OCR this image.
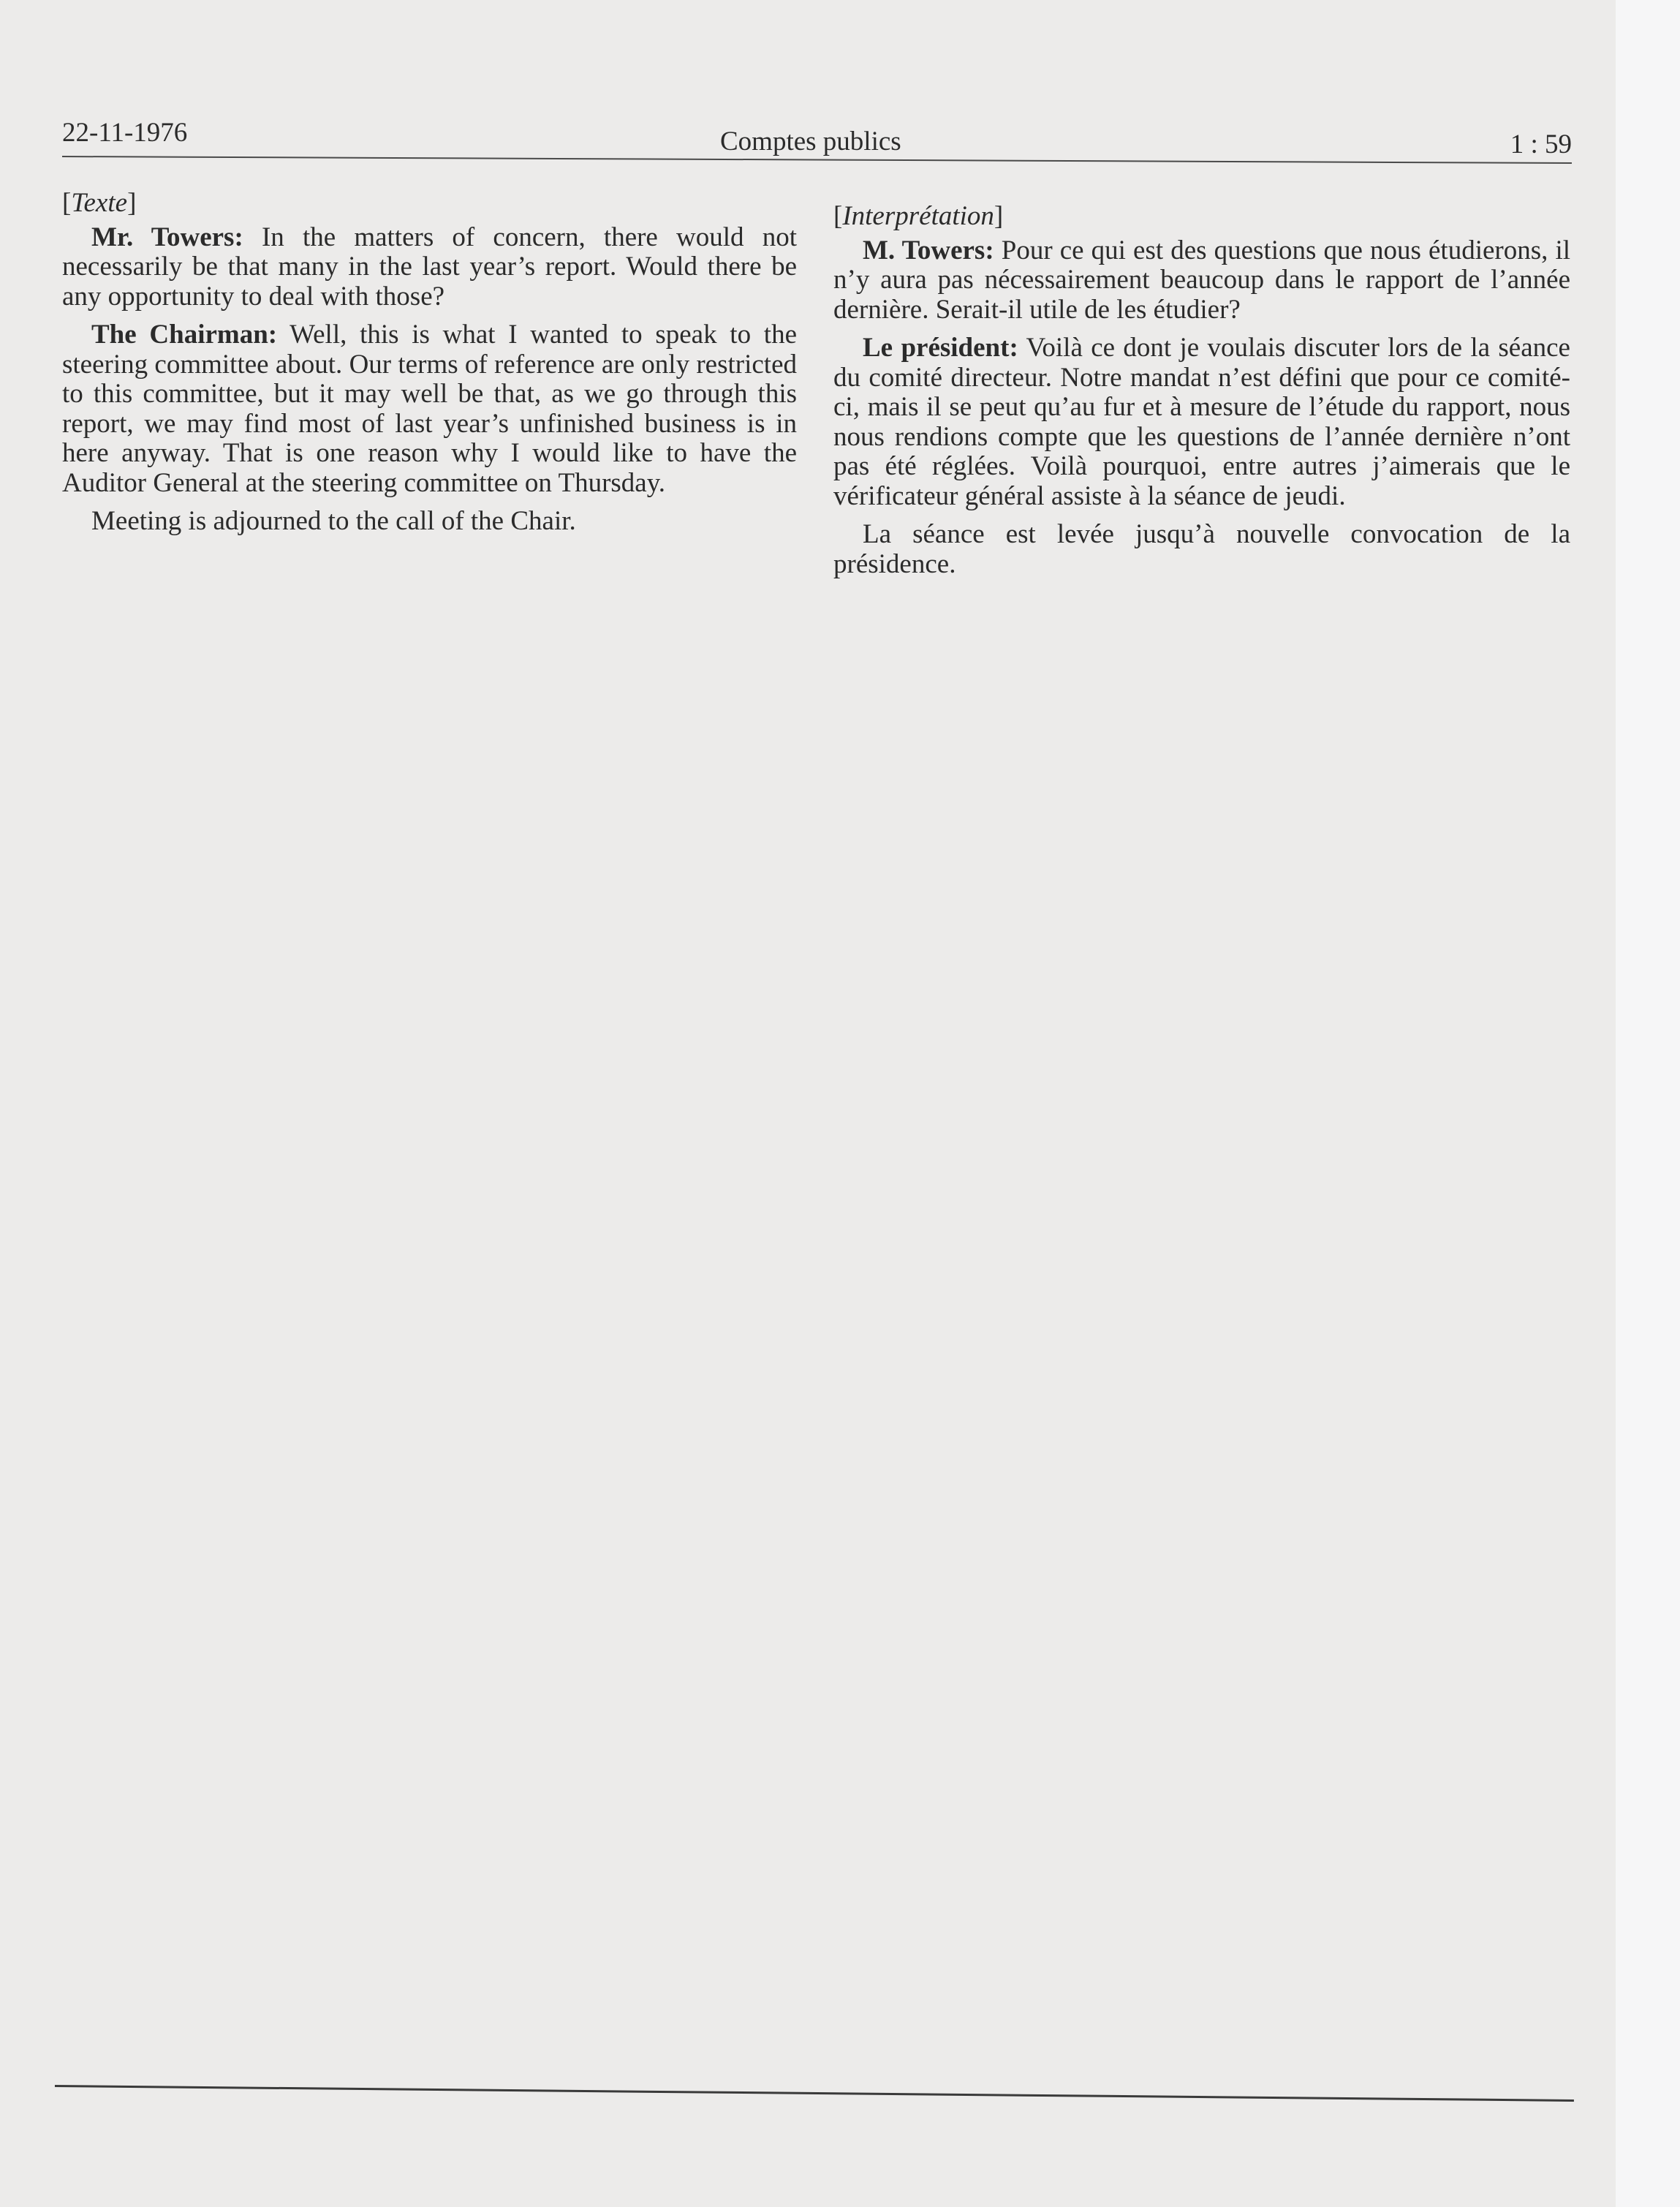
22-11-1976	Comptes publics	1 : 59

[Texte]

Mr. Towers: In the matters of concern, there would not necessarily be that many in the last year’s report. Would there be any opportunity to deal with those?

The Chairman: Well, this is what I wanted to speak to the steering committee about. Our terms of reference are only restricted to this committee, but it may well be that, as we go through this report, we may find most of last year’s unfinished business is in here anyway. That is one reason why I would like to have the Auditor General at the steering committee on Thursday.

Meeting is adjourned to the call of the Chair.

[Interprétation]

M. Towers: Pour ce qui est des questions que nous étudierons, il n’y aura pas nécessairement beaucoup dans le rapport de l’année dernière. Serait-il utile de les étudier?

Le président: Voilà ce dont je voulais discuter lors de la séance du comité directeur. Notre mandat n’est défini que pour ce comité-ci, mais il se peut qu’au fur et à mesure de l’étude du rapport, nous nous rendions compte que les questions de l’année dernière n’ont pas été réglées. Voilà pourquoi, entre autres j’aimerais que le vérificateur général assiste à la séance de jeudi.

La séance est levée jusqu’à nouvelle convocation de la présidence.
